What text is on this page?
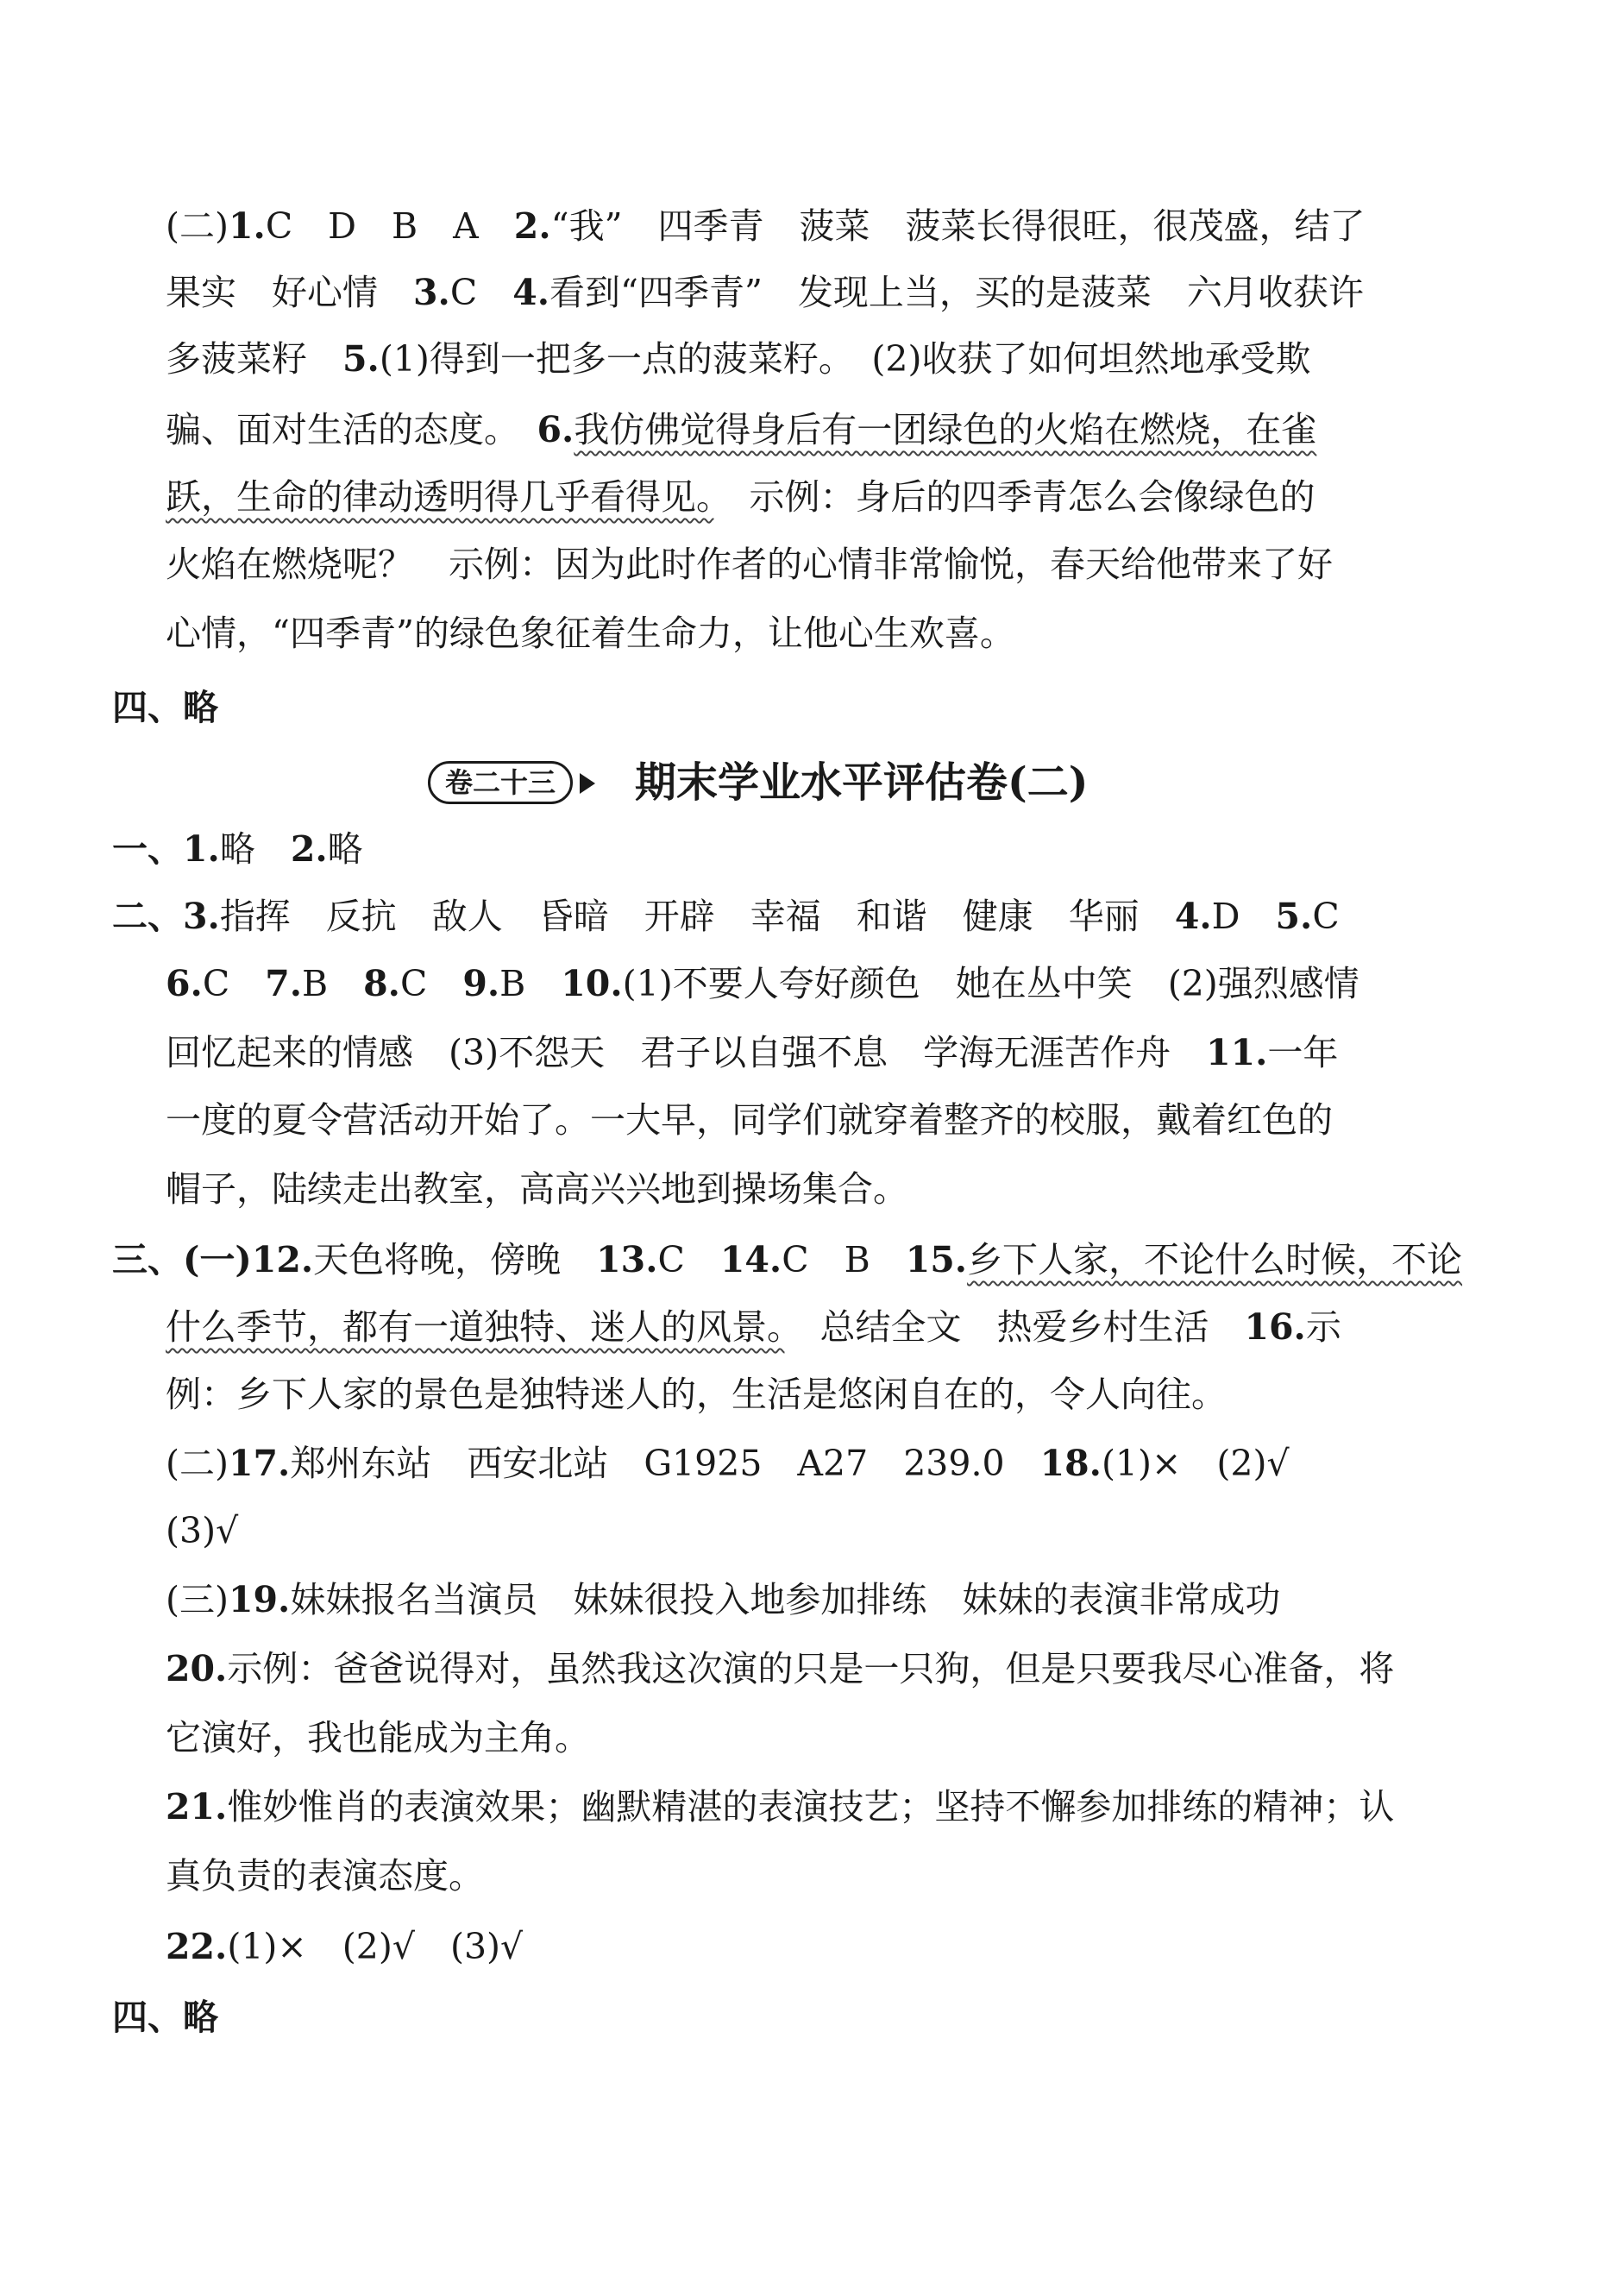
(二)1.C　D　B　A　2.“我”　四季青　菠菜　菠菜长得很旺，很茂盛，结了
果实　好心情　3.C　4.看到“四季青”　发现上当，买的是菠菜　六月收获许
多菠菜籽　5.(1)得到一把多一点的菠菜籽。　(2)收获了如何坦然地承受欺
骗、面对生活的态度。　6.我仿佛觉得身后有一团绿色的火焰在燃烧，在雀
跃，生命的律动透明得几乎看得见。　示例：身后的四季青怎么会像绿色的
火焰在燃烧呢？　示例：因为此时作者的心情非常愉悦，春天给他带来了好
心情，“四季青”的绿色象征着生命力，让他心生欢喜。
四、略
卷二十三	期末学业水平评估卷(二)
一、1.略　2.略
二、3.指挥　反抗　敌人　昏暗　开辟　幸福　和谐　健康　华丽　4.D　5.C
6.C　7.B　8.C　9.B　10.(1)不要人夸好颜色　她在丛中笑　(2)强烈感情
回忆起来的情感　(3)不怨天　君子以自强不息　学海无涯苦作舟　11.一年
一度的夏令营活动开始了。一大早，同学们就穿着整齐的校服，戴着红色的
帽子，陆续走出教室，高高兴兴地到操场集合。
三、(一)12.天色将晚，傍晚　13.C　14.C　B　15.乡下人家，不论什么时候，不论
什么季节，都有一道独特、迷人的风景。　总结全文　热爱乡村生活　16.示
例：乡下人家的景色是独特迷人的，生活是悠闲自在的，令人向往。
(二)17.郑州东站　西安北站　G1925　A27　239.0　18.(1)×　(2)√
(3)√
(三)19.妹妹报名当演员　妹妹很投入地参加排练　妹妹的表演非常成功
20.示例：爸爸说得对，虽然我这次演的只是一只狗，但是只要我尽心准备，将
它演好，我也能成为主角。
21.惟妙惟肖的表演效果；幽默精湛的表演技艺；坚持不懈参加排练的精神；认
真负责的表演态度。
22.(1)×　(2)√　(3)√
四、略
